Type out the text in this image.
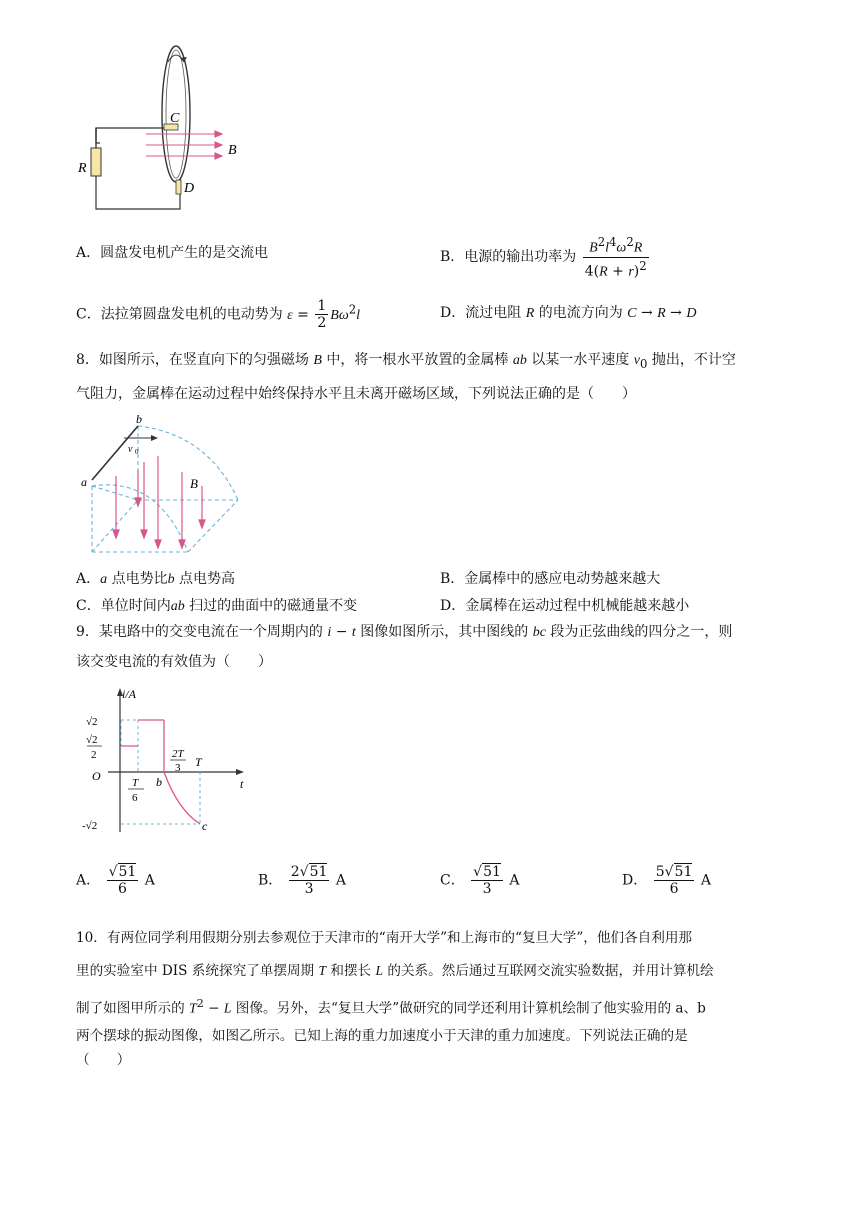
R
C
D
B
A．圆盘发电机产生的是交流电	B．电源的输出功率为 $\frac{B^2l^4\omega^2R}{4(R + r)^2}$
C．法拉第圆盘发电机的电动势为 $\varepsilon = \frac{1}{2} B\omega^2l$	D．流过电阻 R 的电流方向为 C → R → D
8．如图所示，在竖直向下的匀强磁场 B 中，将一根水平放置的金属棒 ab 以某一水平速度 $v_0$ 抛出，不计空
气阻力，金属棒在运动过程中始终保持水平且未离开磁场区域，下列说法正确的是（　　）
a
b
v 0
B
A．a 点电势比b 点电势高	B．金属棒中的感应电动势越来越大
C．单位时间内ab 扫过的曲面中的磁通量不变	D．金属棒在运动过程中机械能越来越小
9．某电路中的交变电流在一个周期内的 i − t 图像如图所示，其中图线的 bc 段为正弦曲线的四分之一，则
该交变电流的有效值为（　　）
i/A
t
O
√2
√2
2
-√2
T
6
b
2T
3 T
c
A． $\frac{√51}{6}$ A	B． $\frac{2√51}{3}$ A	C． $\frac{√51}{3}$ A	D． $\frac{5√51}{6}$ A
10．有两位同学利用假期分别去参观位于天津市的“南开大学”和上海市的“复旦大学”，他们各自利用那
里的实验室中 DIS 系统探究了单摆周期 T 和摆长 L 的关系。然后通过互联网交流实验数据，并用计算机绘
制了如图甲所示的 $T^2 - L$ 图像。另外，去“复旦大学”做研究的同学还利用计算机绘制了他实验用的 a、b
两个摆球的振动图像，如图乙所示。已知上海的重力加速度小于天津的重力加速度。下列说法正确的是
（　　）
